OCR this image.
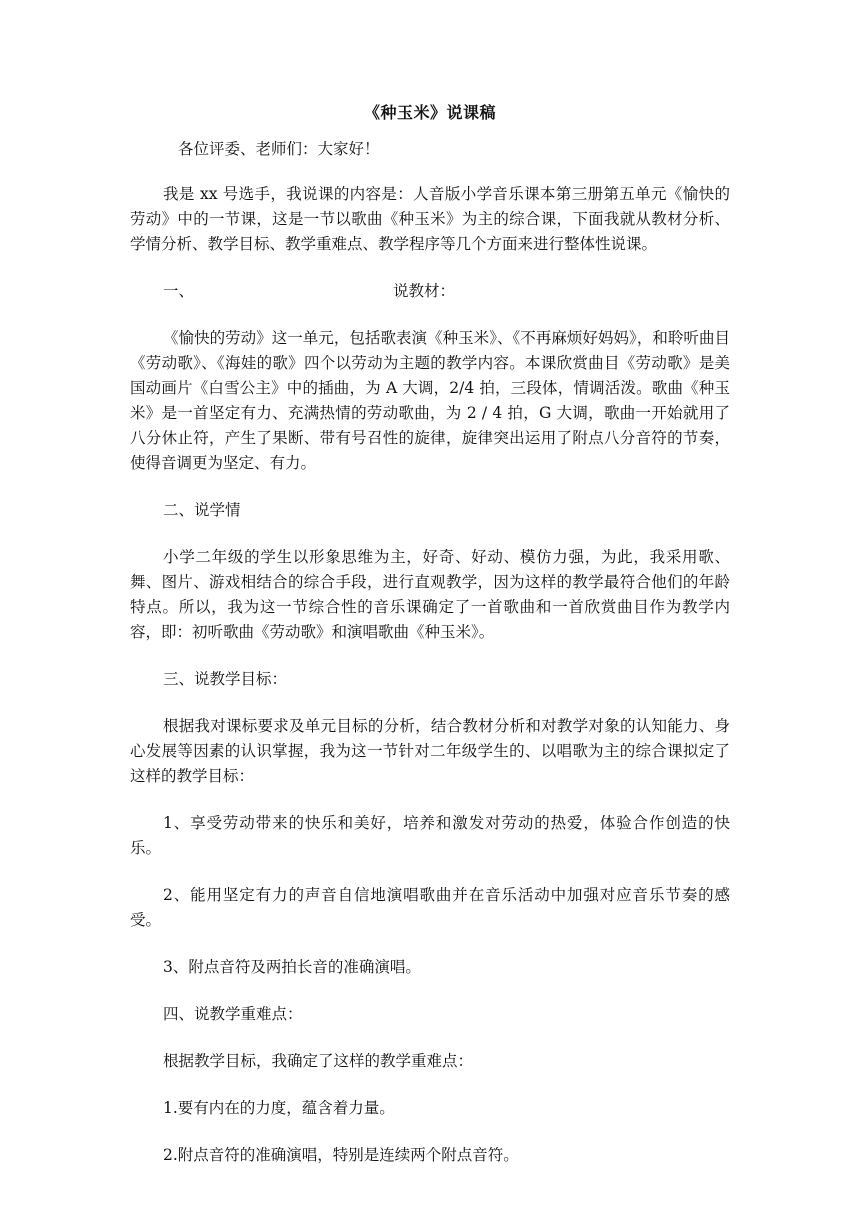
《种玉米》说课稿
各位评委、老师们：大家好！

我是 xx 号选手，我说课的内容是：人音版小学音乐课本第三册第五单元《愉快的劳动》中的一节课，这是一节以歌曲《种玉米》为主的综合课，下面我就从教材分析、学情分析、教学目标、教学重难点、教学程序等几个方面来进行整体性说课。

一、	说教材：

《愉快的劳动》这一单元，包括歌表演《种玉米》、《不再麻烦好妈妈》，和聆听曲目《劳动歌》、《海娃的歌》四个以劳动为主题的教学内容。本课欣赏曲目《劳动歌》是美国动画片《白雪公主》中的插曲，为 A 大调，2/4 拍，三段体，情调活泼。歌曲《种玉米》是一首坚定有力、充满热情的劳动歌曲，为 2 / 4 拍，G 大调，歌曲一开始就用了八分休止符，产生了果断、带有号召性的旋律，旋律突出运用了附点八分音符的节奏，使得音调更为坚定、有力。

二、说学情

小学二年级的学生以形象思维为主，好奇、好动、模仿力强，为此，我采用歌、舞、图片、游戏相结合的综合手段，进行直观教学，因为这样的教学最符合他们的年龄特点。所以，我为这一节综合性的音乐课确定了一首歌曲和一首欣赏曲目作为教学内容，即：初听歌曲《劳动歌》和演唱歌曲《种玉米》。

三、说教学目标：

根据我对课标要求及单元目标的分析，结合教材分析和对教学对象的认知能力、身心发展等因素的认识掌握，我为这一节针对二年级学生的、以唱歌为主的综合课拟定了这样的教学目标：

1、享受劳动带来的快乐和美好，培养和激发对劳动的热爱，体验合作创造的快乐。

2、能用坚定有力的声音自信地演唱歌曲并在音乐活动中加强对应音乐节奏的感受。

3、附点音符及两拍长音的准确演唱。

四、说教学重难点：

根据教学目标，我确定了这样的教学重难点：

1.要有内在的力度，蕴含着力量。

2.附点音符的准确演唱，特别是连续两个附点音符。
